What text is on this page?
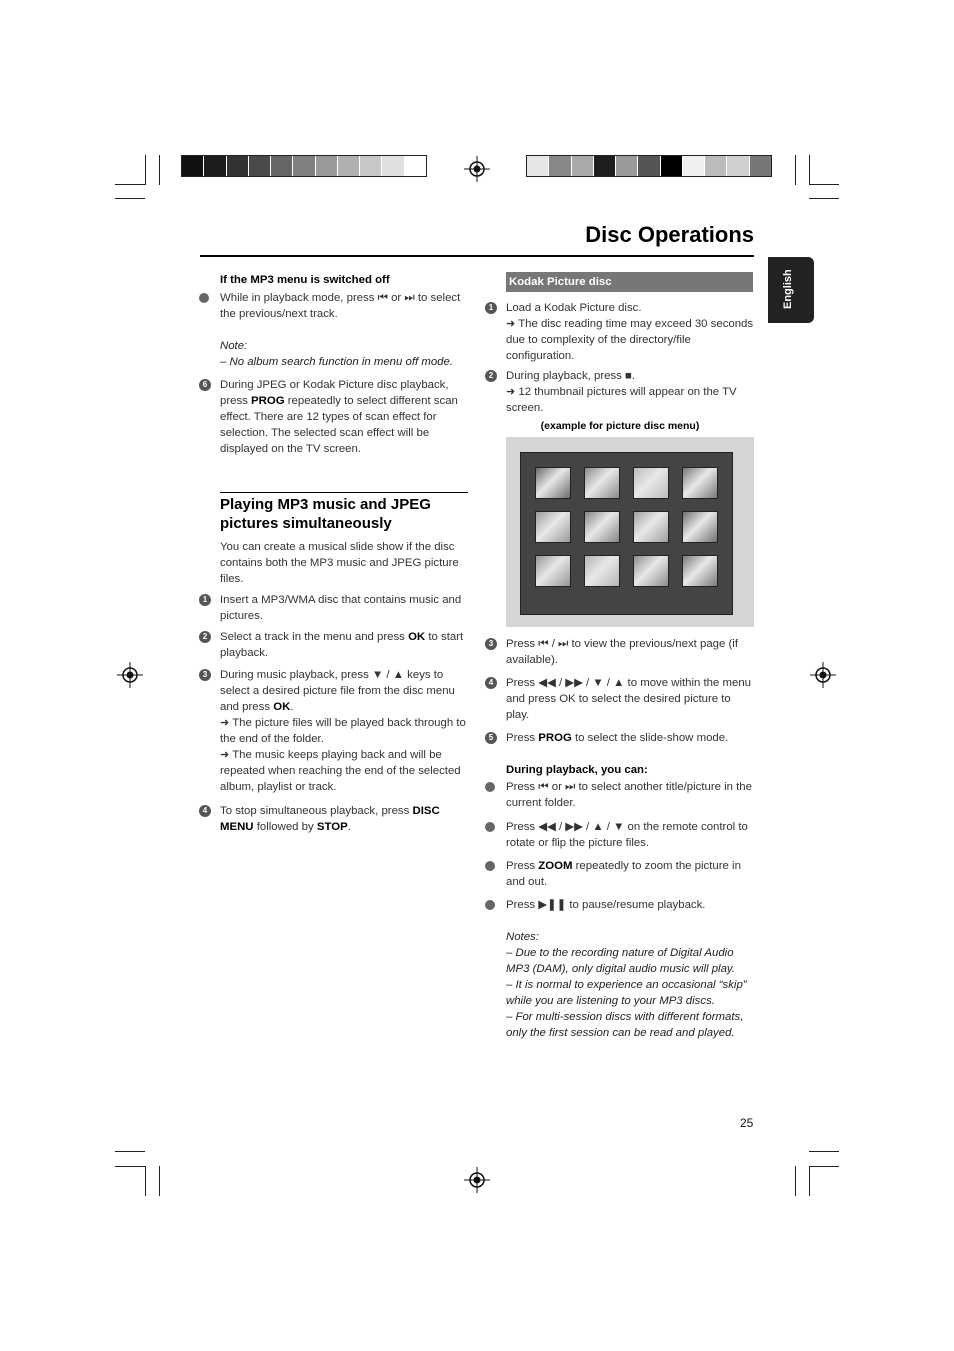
Disc Operations
English
If the MP3 menu is switched off
While in playback mode, press ⏮ or ⏭ to select the previous/next track.
Note:
– No album search function in menu off mode.
6	During JPEG or Kodak Picture disc playback, press PROG repeatedly to select different scan effect. There are 12 types of scan effect for selection. The selected scan effect will be displayed on the TV screen.
Playing MP3 music and JPEG pictures simultaneously
You can create a musical slide show if the disc contains both the MP3 music and JPEG picture files.
1	Insert a MP3/WMA disc that contains music and pictures.
2	Select a track in the menu and press OK to start playback.
3	During music playback, press ▼ / ▲ keys to select a desired picture file from the disc menu and press OK.
➜ The picture files will be played back through to the end of the folder.
➜ The music keeps playing back and will be repeated when reaching the end of the selected album, playlist or track.
4	To stop simultaneous playback, press DISC MENU followed by STOP.
Kodak Picture disc
1	Load a Kodak Picture disc.
➜ The disc reading time may exceed 30 seconds due to complexity of the directory/file configuration.
2	During playback, press ■.
➜ 12 thumbnail pictures will appear on the TV screen.
(example for picture disc menu)
▶ ⏮ ⏭
3	Press ⏮ / ⏭ to view the previous/next page (if available).
4	Press ◀◀ / ▶▶ / ▼ / ▲ to move within the menu and press OK to select the desired picture to play.
5	Press PROG to select the slide-show mode.
During playback, you can:
Press ⏮ or ⏭ to select another title/picture in the current folder.
Press ◀◀ / ▶▶ / ▲ / ▼ on the remote control to rotate or flip the picture files.
Press ZOOM repeatedly to zoom the picture in and out.
Press ▶❚❚ to pause/resume playback.
Notes:
– Due to the recording nature of Digital Audio MP3 (DAM), only digital audio music will play.
– It is normal to experience an occasional “skip” while you are listening to your MP3 discs.
– For multi-session discs with different formats, only the first session can be read and played.
25
